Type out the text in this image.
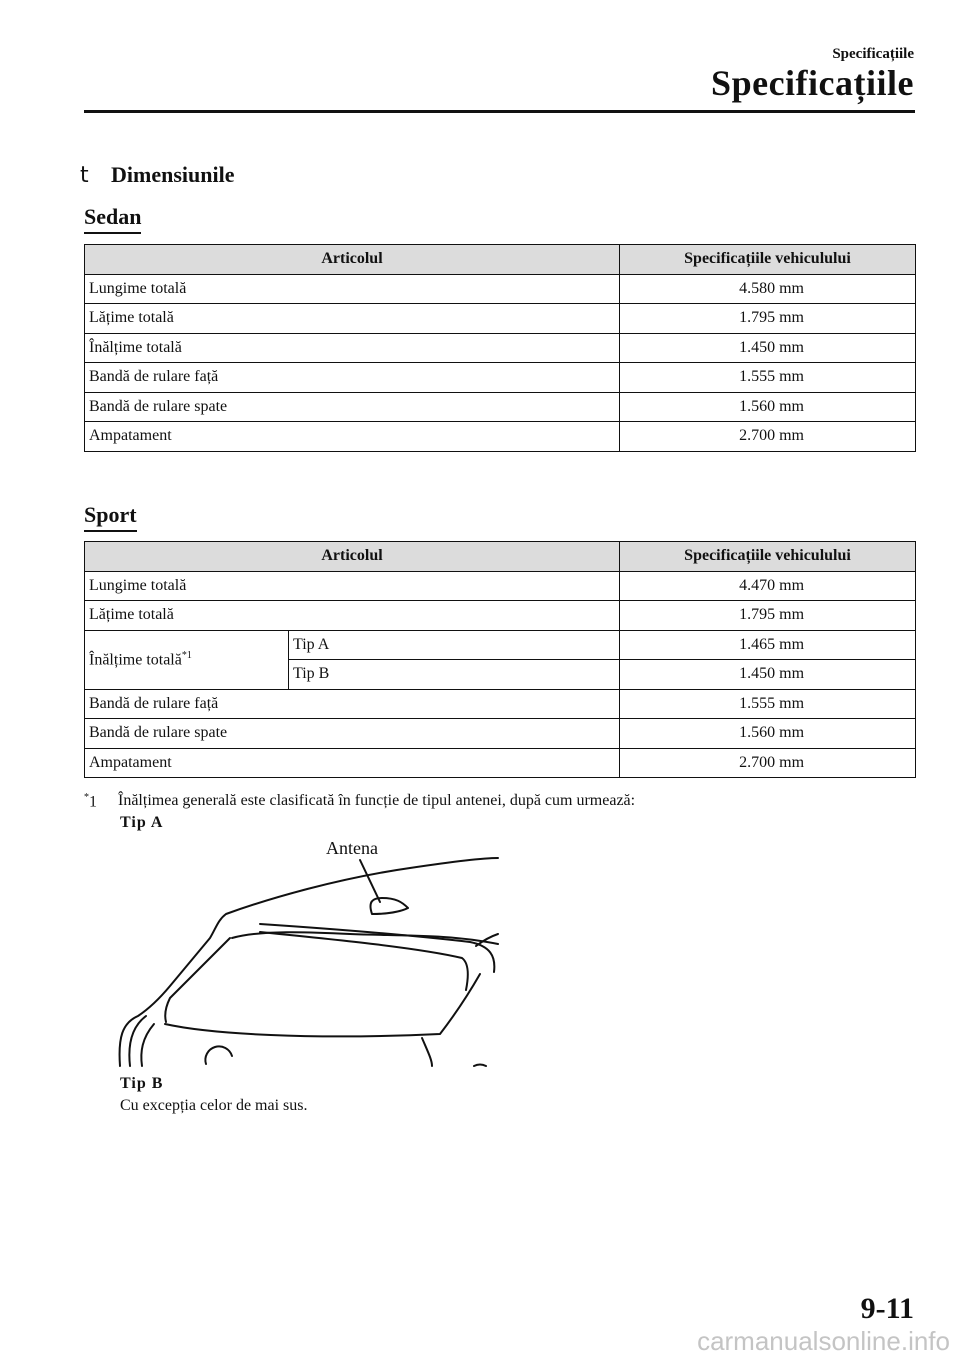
Specificațiile
Specificațiile
t Dimensiunile
Sedan
Articolul	Specificațiile vehiculului
Lungime totală	4.580 mm
Lățime totală	1.795 mm
Înălțime totală	1.450 mm
Bandă de rulare față	1.555 mm
Bandă de rulare spate	1.560 mm
Ampatament	2.700 mm
Sport
Articolul		Specificațiile vehiculului
Lungime totală		4.470 mm
Lățime totală		1.795 mm
Înălțime totală$^{*1}$	Tip A	1.465 mm
	Tip B	1.450 mm
Bandă de rulare față		1.555 mm
Bandă de rulare spate		1.560 mm
Ampatament		2.700 mm
*1 Înălțimea generală este clasificată în funcție de tipul antenei, după cum urmează:
Tip A
Antena
Tip B
Cu excepția celor de mai sus.
9-11
carmanualsonline.info
